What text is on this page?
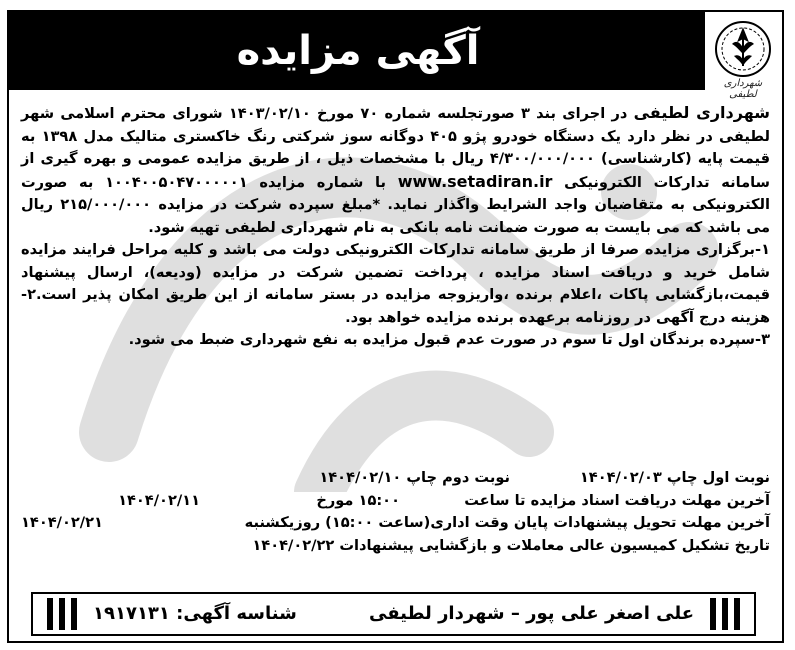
آگهی مزایده
شهرداری لطیفی

شهرداری لطیفی در اجرای بند ۳ صورتجلسه شماره ۷۰ مورخ ۱۴۰۳/۰۲/۱۰ شورای محترم اسلامی شهر لطیفی در نظر دارد یک دستگاه خودرو پژو ۴۰۵ دوگانه سوز شرکتی رنگ خاکستری متالیک مدل ۱۳۹۸ به قیمت پایه (کارشناسی) ۴/۳۰۰/۰۰۰/۰۰۰ ریال با مشخصات ذیل ، از طریق مزایده عمومی و بهره گیری از سامانه تدارکات الکترونیکی www.setadiran.ir با شماره مزایده ۱۰۰۴۰۰۵۰۴۷۰۰۰۰۰۱ به صورت الکترونیکی به متقاضیان واجد الشرایط واگذار نماید. *مبلغ سپرده شرکت در مزایده ۲۱۵/۰۰۰/۰۰۰ ریال می باشد که می بایست به صورت ضمانت نامه بانکی به نام شهرداری لطیفی تهیه شود.

۱-برگزاری مزایده صرفا از طریق سامانه تدارکات الکترونیکی دولت می باشد و کلیه مراحل فرایند مزایده شامل خرید و دریافت اسناد مزایده ، پرداخت تضمین شرکت در مزایده (ودیعه)، ارسال پیشنهاد قیمت،بازگشایی پاکات ،اعلام برنده ،واریزوجه مزایده در بستر سامانه از این طریق امکان پذیر است.۲-هزینه درج آگهی در روزنامه برعهده برنده مزایده خواهد بود.

۳-سپرده برندگان اول تا سوم در صورت عدم قبول مزایده به نفع شهرداری ضبط می شود.

نوبت اول چاپ ۱۴۰۴/۰۲/۰۳
نوبت دوم چاپ ۱۴۰۴/۰۲/۱۰
آخرین مهلت دریافت اسناد مزایده تا ساعت
۱۵:۰۰ مورخ
۱۴۰۴/۰۲/۱۱
آخرین مهلت تحویل پیشنهادات پایان وقت اداری(ساعت ۱۵:۰۰) روزیکشنبه
۱۴۰۴/۰۲/۲۱
تاریخ تشکیل کمیسیون عالی معاملات و بازگشایی پیشنهادات ۱۴۰۴/۰۲/۲۲
علی اصغر علی پور – شهردار لطیفی
شناسه آگهی: ۱۹۱۷۱۳۱
